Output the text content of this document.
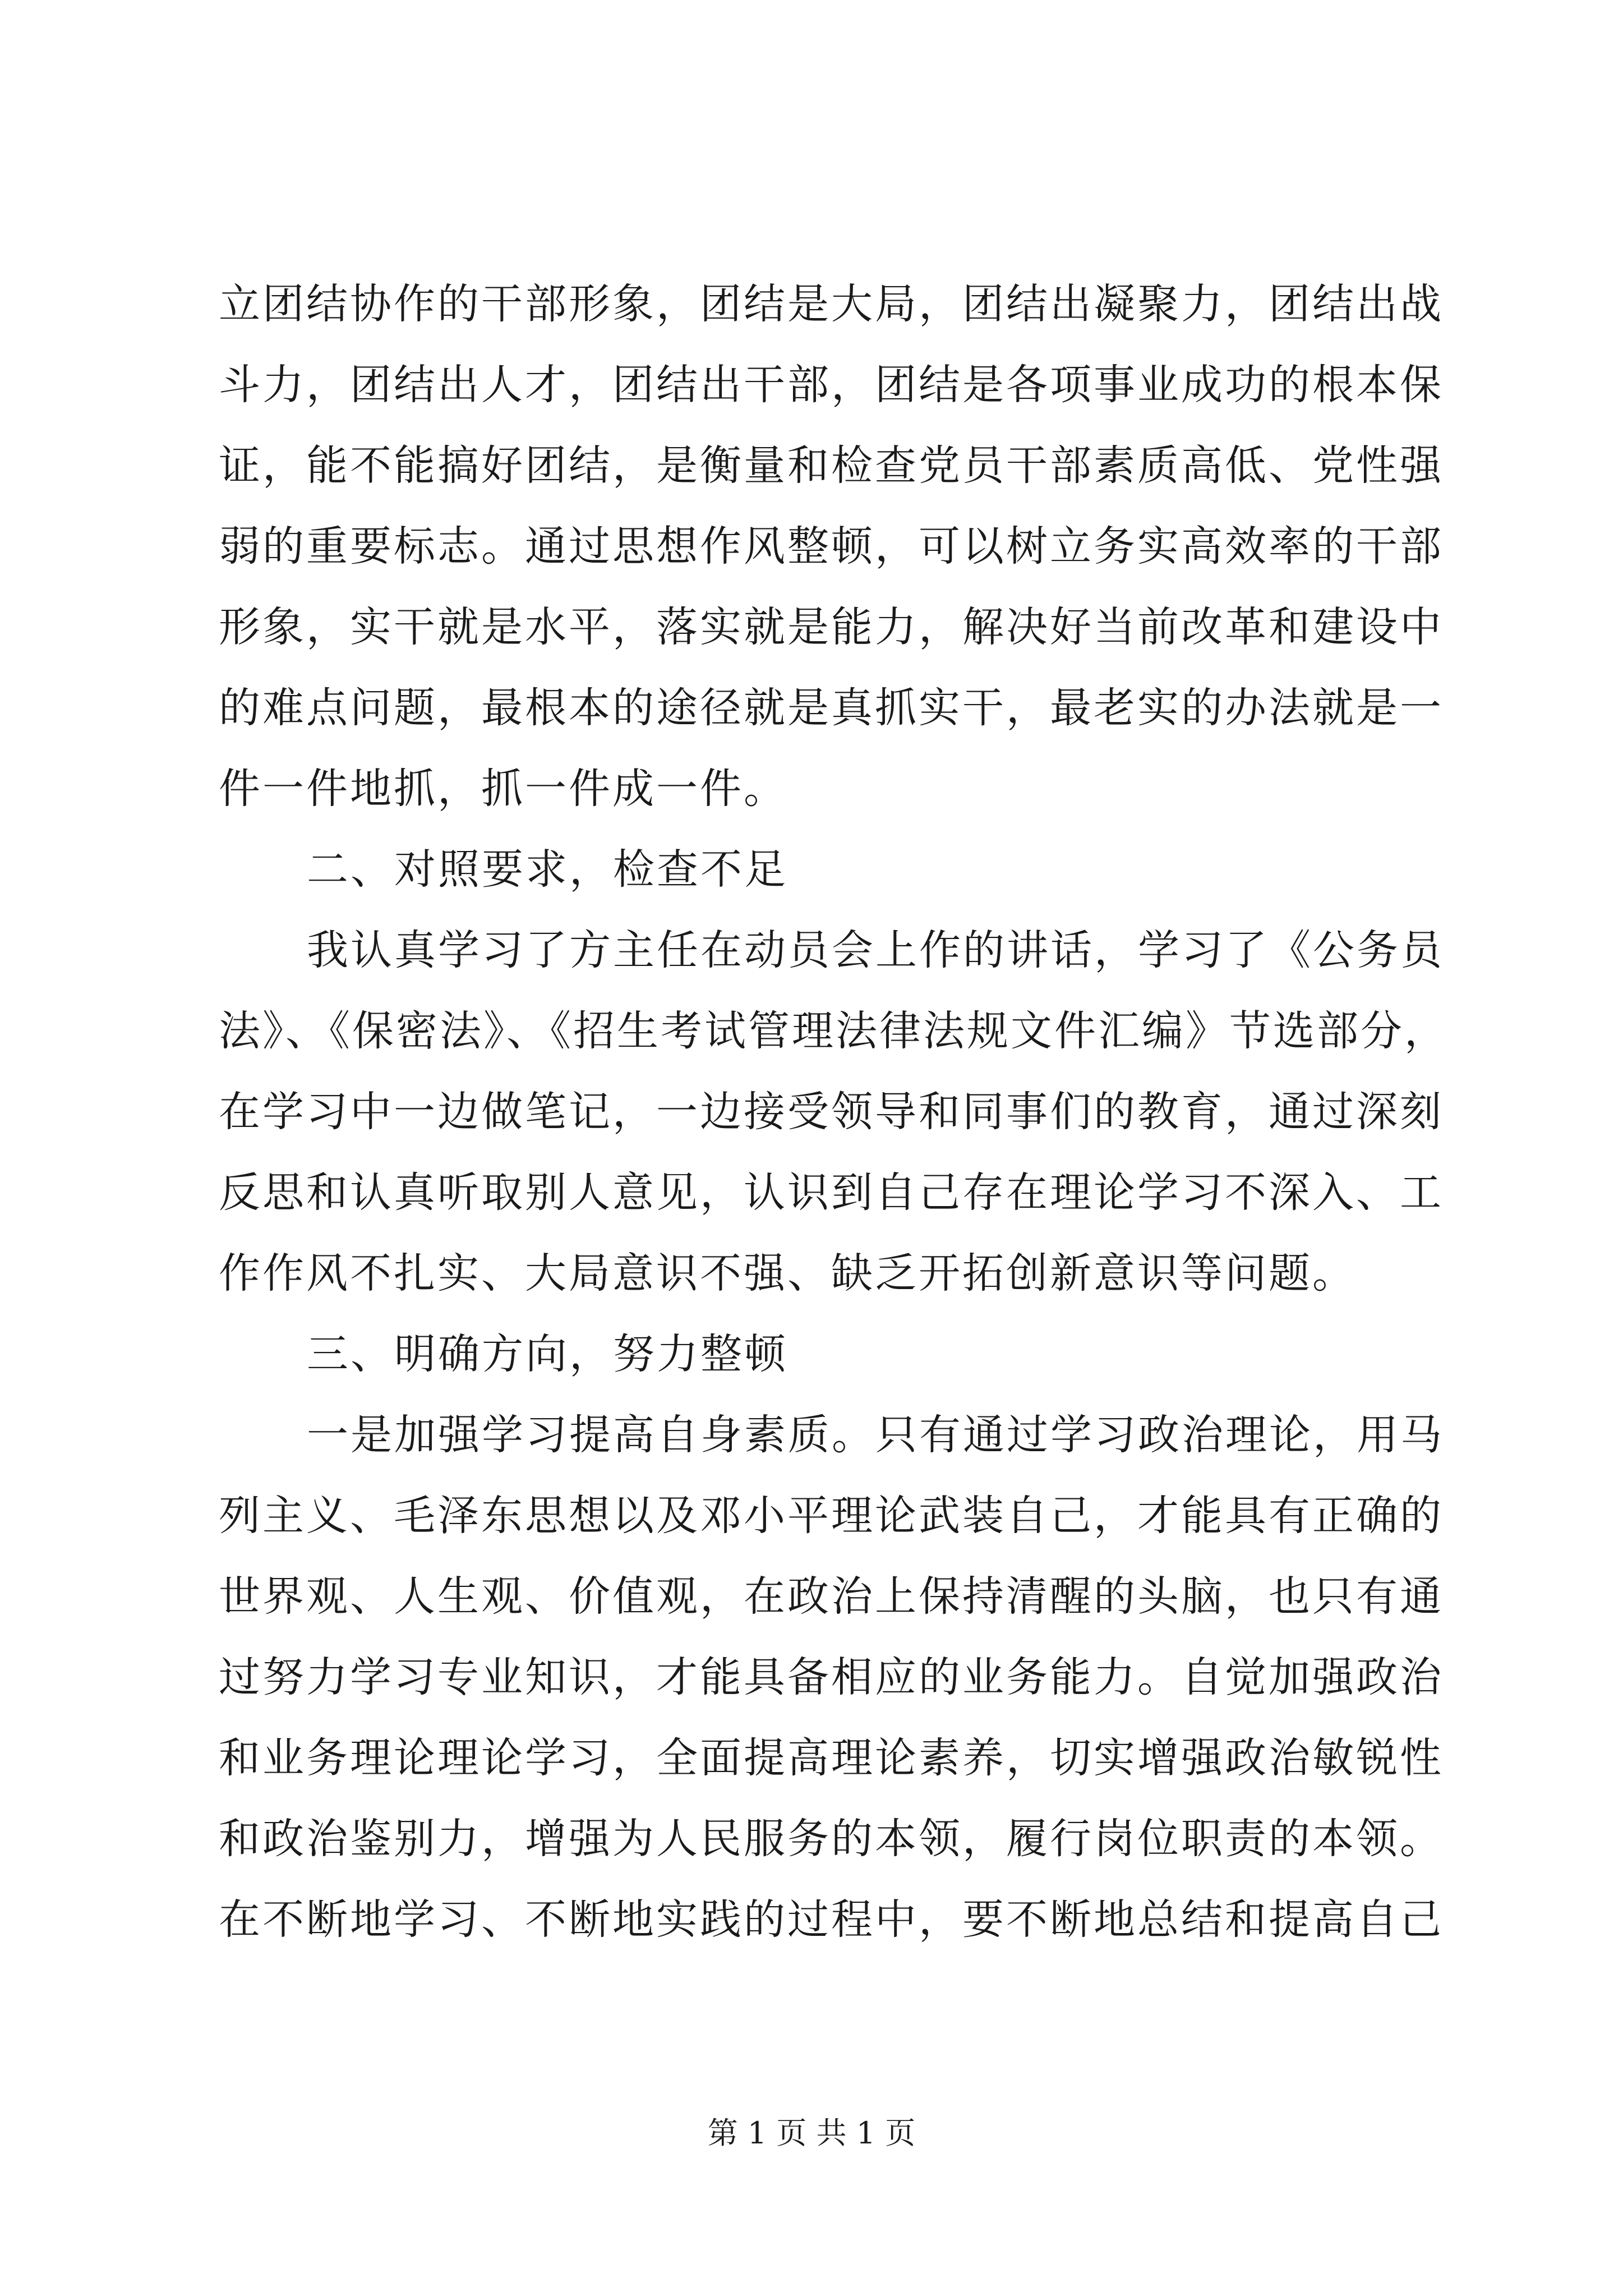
立团结协作的干部形象，团结是大局，团结出凝聚力，团结出战
斗力，团结出人才，团结出干部，团结是各项事业成功的根本保
证，能不能搞好团结，是衡量和检查党员干部素质高低、党性强
弱的重要标志。通过思想作风整顿，可以树立务实高效率的干部
形象，实干就是水平，落实就是能力，解决好当前改革和建设中
的难点问题，最根本的途径就是真抓实干，最老实的办法就是一
件一件地抓，抓一件成一件。
二、对照要求，检查不足
我认真学习了方主任在动员会上作的讲话，学习了《公务员
法》、《保密法》、《招生考试管理法律法规文件汇编》节选部分，
在学习中一边做笔记，一边接受领导和同事们的教育，通过深刻
反思和认真听取别人意见，认识到自己存在理论学习不深入、工
作作风不扎实、大局意识不强、缺乏开拓创新意识等问题。
三、明确方向，努力整顿
一是加强学习提高自身素质。只有通过学习政治理论，用马
列主义、毛泽东思想以及邓小平理论武装自己，才能具有正确的
世界观、人生观、价值观，在政治上保持清醒的头脑，也只有通
过努力学习专业知识，才能具备相应的业务能力。自觉加强政治
和业务理论理论学习，全面提高理论素养，切实增强政治敏锐性
和政治鉴别力，增强为人民服务的本领，履行岗位职责的本领。
在不断地学习、不断地实践的过程中，要不断地总结和提高自己
第 1 页 共 1 页
